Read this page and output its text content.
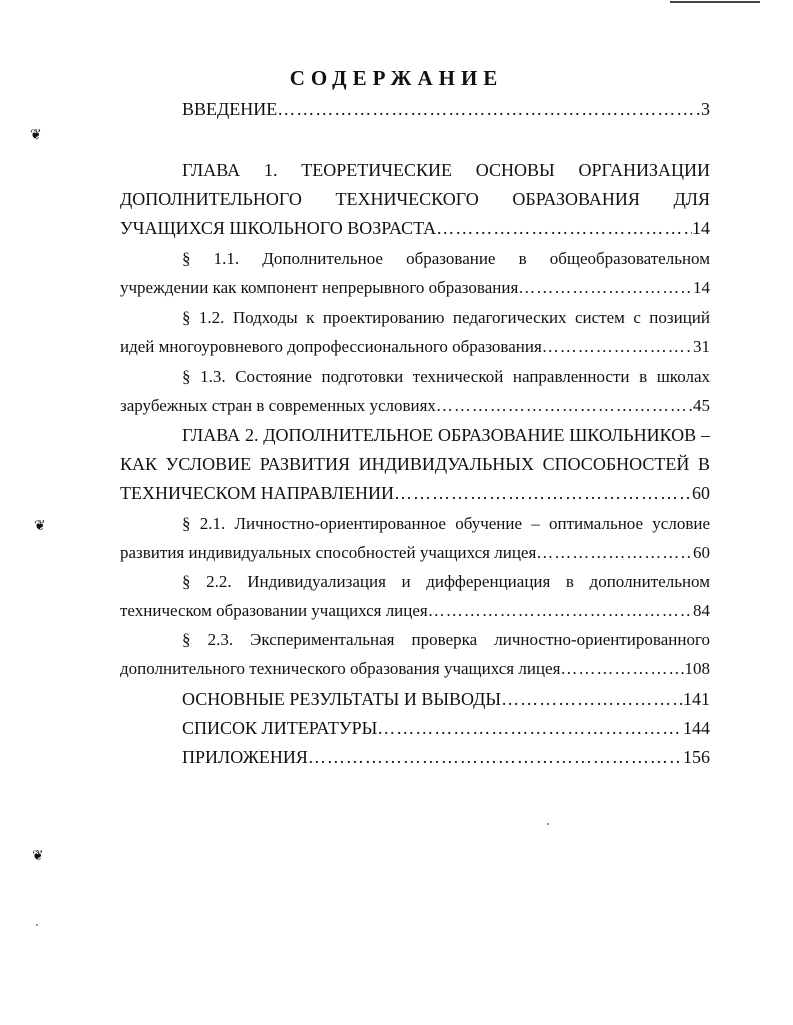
СОДЕРЖАНИЕ
ВВЕДЕНИЕ ……………………………………………………………………………………………………………………………………………………	3
ГЛАВА 1. ТЕОРЕТИЧЕСКИЕ ОСНОВЫ ОРГАНИЗАЦИИ
ДОПОЛНИТЕЛЬНОГО ТЕХНИЧЕСКОГО ОБРАЗОВАНИЯ ДЛЯ
УЧАЩИХСЯ ШКОЛЬНОГО ВОЗРАСТА ……………………………………………………………………………………………………………………………………………………	14
§ 1.1. Дополнительное образование в общеобразовательном
учреждении как компонент непрерывного образования ……………………………………………………………………………………………………………………………………………………	14
§ 1.2. Подходы к проектированию педагогических систем с позиций
идей многоуровневого допрофессионального образования ……………………………………………………………………………………………………………………………………………………	31
§ 1.3. Состояние подготовки технической направленности в школах
зарубежных стран в современных условиях ……………………………………………………………………………………………………………………………………………………	45
ГЛАВА 2. ДОПОЛНИТЕЛЬНОЕ ОБРАЗОВАНИЕ ШКОЛЬНИКОВ –
КАК УСЛОВИЕ РАЗВИТИЯ ИНДИВИДУАЛЬНЫХ СПОСОБНОСТЕЙ В
ТЕХНИЧЕСКОМ НАПРАВЛЕНИИ ……………………………………………………………………………………………………………………………………………………	60
§ 2.1. Личностно-ориентированное обучение – оптимальное условие
развития индивидуальных способностей учащихся лицея ……………………………………………………………………………………………………………………………………………………	60
§ 2.2. Индивидуализация и дифференциация в дополнительном
техническом образовании учащихся лицея ……………………………………………………………………………………………………………………………………………………	84
§ 2.3. Экспериментальная проверка личностно-ориентированного
дополнительного технического образования учащихся лицея ……………………………………………………………………………………………………………………………………………………	108
ОСНОВНЫЕ РЕЗУЛЬТАТЫ И ВЫВОДЫ ……………………………………………………………………………………………………………………………………………………	141
СПИСОК ЛИТЕРАТУРЫ ……………………………………………………………………………………………………………………………………………………	144
ПРИЛОЖЕНИЯ ……………………………………………………………………………………………………………………………………………………	156
❦
❦
❦
